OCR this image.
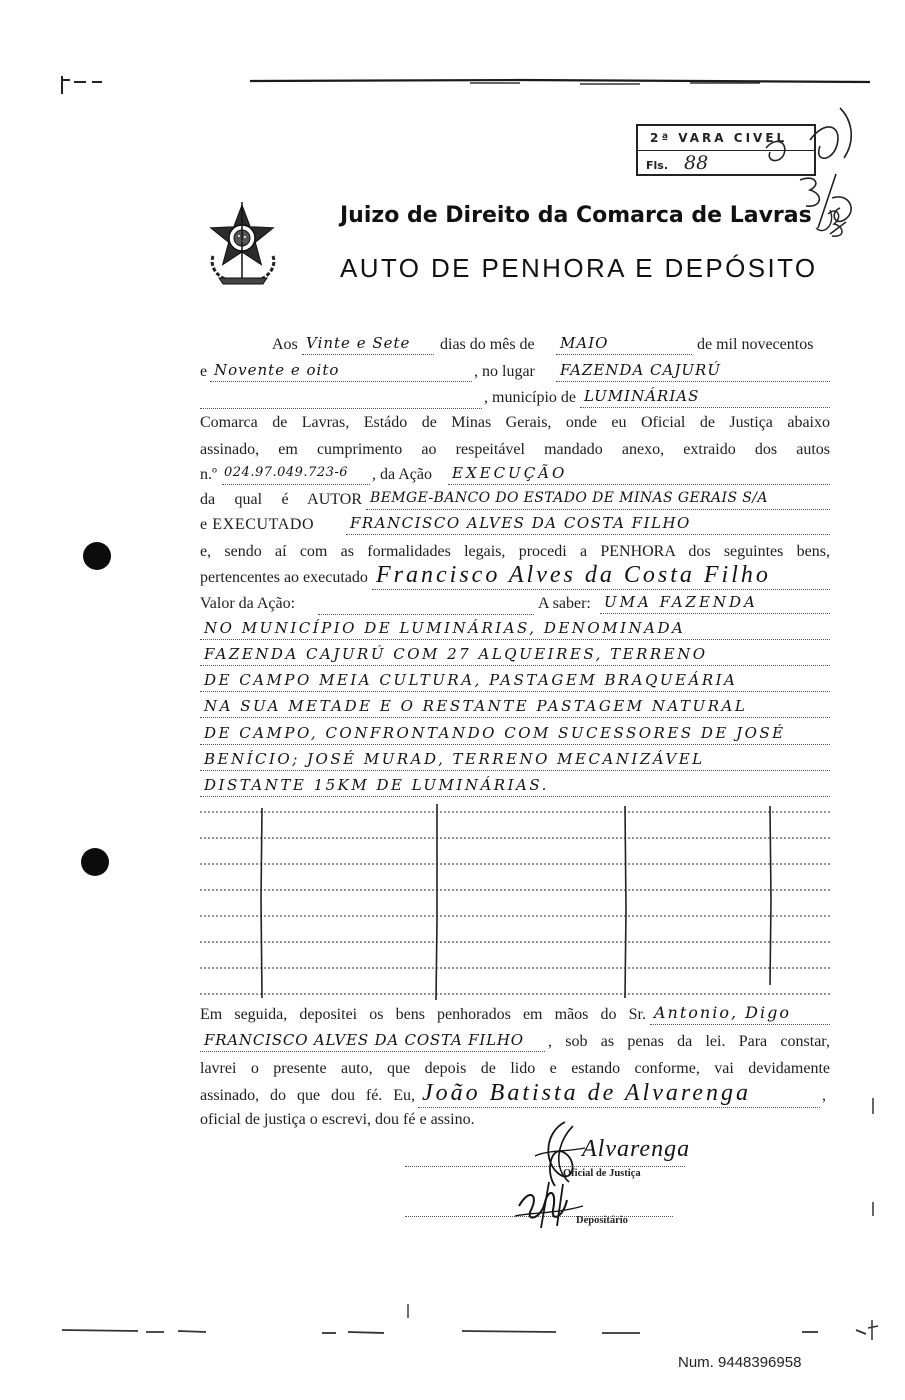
2ª VARA CIVEL
Fls. 88
Juizo de Direito da Comarca de Lavras
AUTO DE PENHORA E DEPÓSITO
Aos Vinte e Sete	dias do mês de MAIO	de mil novecentos
e Novente e oito	, no lugar FAZENDA CAJURÚ
, município de LUMINÁRIAS
Comarca de Lavras, Estádo de Minas Gerais, onde eu Oficial de Justiça abaixo
assinado, em cumprimento ao respeitável mandado anexo, extraido dos autos
n.º 024.97.049.723-6	, da Ação EXECUÇÃO
da qual é AUTOR BEMGE-BANCO DO ESTADO DE MINAS GERAIS S/A
e EXECUTADO FRANCISCO ALVES DA COSTA FILHO
e, sendo aí com as formalidades legais, procedi a PENHORA dos seguintes bens,
pertencentes ao executado Francisco Alves da Costa Filho
Valor da Ação:	A saber: UMA FAZENDA
NO MUNICÍPIO DE LUMINÁRIAS, DENOMINADA
FAZENDA CAJURÚ COM 27 ALQUEIRES, TERRENO
DE CAMPO MEIA CULTURA, PASTAGEM BRAQUEÁRIA
NA SUA METADE E O RESTANTE PASTAGEM NATURAL
DE CAMPO, CONFRONTANDO COM SUCESSORES DE JOSÉ
BENÍCIO; JOSÉ MURAD, TERRENO MECANIZÁVEL
DISTANTE 15KM DE LUMINÁRIAS.
Em seguida, depositei os bens penhorados em mãos do Sr. Antonio, Digo
FRANCISCO ALVES DA COSTA FILHO	, sob as penas da lei. Para constar,
lavrei o presente auto, que depois de lido e estando conforme, vai devidamente
assinado, do que dou fé. Eu, João Batista de Alvarenga	,
oficial de justiça o escrevi, dou fé e assino.
Alvarenga
Oficial de Justiça
Depositário
Num. 9448396958
